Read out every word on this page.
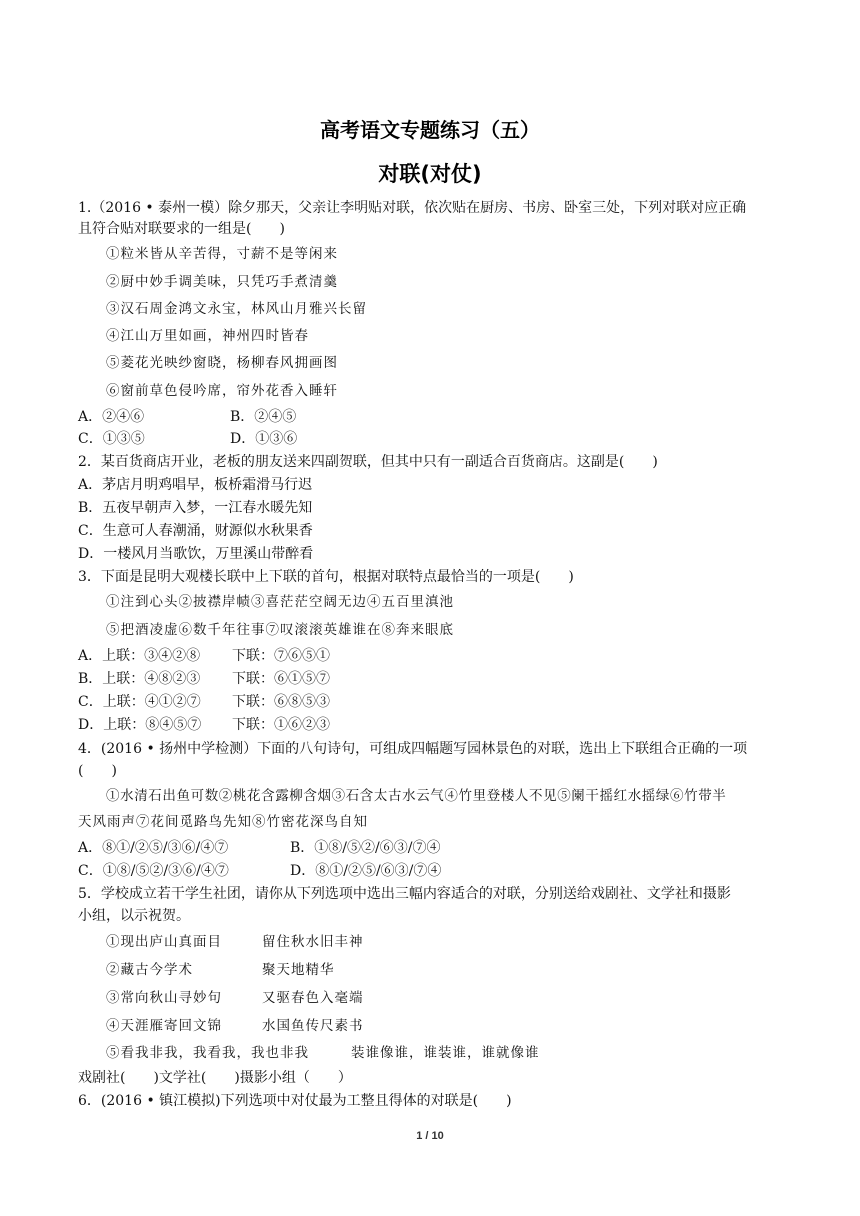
高考语文专题练习（五）
对联(对仗)
1.（2016 • 泰州一模）除夕那天，父亲让李明贴对联，依次贴在厨房、书房、卧室三处，下列对联对应正确
且符合贴对联要求的一组是(　　)
①粒米皆从辛苦得，寸薪不是等闲来
②厨中妙手调美味，只凭巧手煮清羹
③汉石周金鸿文永宝，林风山月雅兴长留
④江山万里如画，神州四时皆春
⑤菱花光映纱窗晓，杨柳春风拥画图
⑥窗前草色侵吟席，帘外花香入睡轩
A．②④⑥	B．②④⑤
C．①③⑤	D．①③⑥
2．某百货商店开业，老板的朋友送来四副贺联，但其中只有一副适合百货商店。这副是(　　)
A．茅店月明鸡唱早，板桥霜滑马行迟
B．五夜早朝声入梦，一江春水暖先知
C．生意可人春潮涌，财源似水秋果香
D．一楼风月当歌饮，万里溪山带醉看
3．下面是昆明大观楼长联中上下联的首句，根据对联特点最恰当的一项是(　　)
①注到心头②披襟岸帻③喜茫茫空阔无边④五百里滇池
⑤把酒凌虚⑥数千年往事⑦叹滚滚英雄谁在⑧奔来眼底
A．上联：③④②⑧ 下联：⑦⑥⑤①
B．上联：④⑧②③ 下联：⑥①⑤⑦
C．上联：④①②⑦ 下联：⑥⑧⑤③
D．上联：⑧④⑤⑦ 下联：①⑥②③
4．(2016 • 扬州中学检测）下面的八句诗句，可组成四幅题写园林景色的对联，选出上下联组合正确的一项
(　　)
①水清石出鱼可数②桃花含露柳含烟③石含太古水云气④竹里登楼人不见⑤阑干摇红水摇绿⑥竹带半
天风雨声⑦花间觅路鸟先知⑧竹密花深鸟自知
A．⑧①/②⑤/③⑥/④⑦	B．①⑧/⑤②/⑥③/⑦④
C．①⑧/⑤②/③⑥/④⑦	D．⑧①/②⑤/⑥③/⑦④
5．学校成立若干学生社团，请你从下列选项中选出三幅内容适合的对联，分别送给戏剧社、文学社和摄影
小组，以示祝贺。
①现出庐山真面目	留住秋水旧丰神
②藏古今学术	聚天地精华
③常向秋山寻妙句	又驱春色入毫端
④天涯雁寄回文锦	水国鱼传尺素书
⑤看我非我，我看我，我也非我	装谁像谁，谁装谁，谁就像谁
戏剧社(　　)文学社(　　)摄影小组（　　）
6．(2016 • 镇江模拟)下列选项中对仗最为工整且得体的对联是(　　)
1 / 10
